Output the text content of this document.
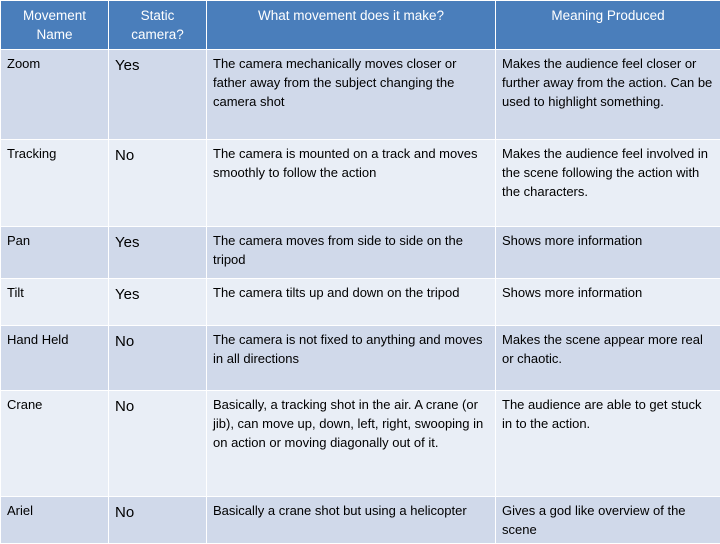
Movement Name	Static camera?	What movement does it make?	Meaning Produced
Zoom	Yes	The camera mechanically moves closer or father away from the subject changing the camera shot	Makes the audience feel closer or further away from the action. Can be used to highlight something.
Tracking	No	The camera is mounted on a track and moves smoothly to follow the action	Makes the audience feel involved in the scene following the action with the characters.
Pan	Yes	The camera moves from side to side on the tripod	Shows more information
Tilt	Yes	The camera tilts up and down on the tripod	Shows more information
Hand Held	No	The camera is not fixed to anything and moves in all directions	Makes the scene appear more real or chaotic.
Crane	No	Basically, a tracking shot in the air. A crane (or jib), can move up, down, left, right, swooping in on action or moving diagonally out of it.	The audience are able to get stuck in to the action.
Ariel	No	Basically a crane shot but using a helicopter	Gives a god like overview of the scene
